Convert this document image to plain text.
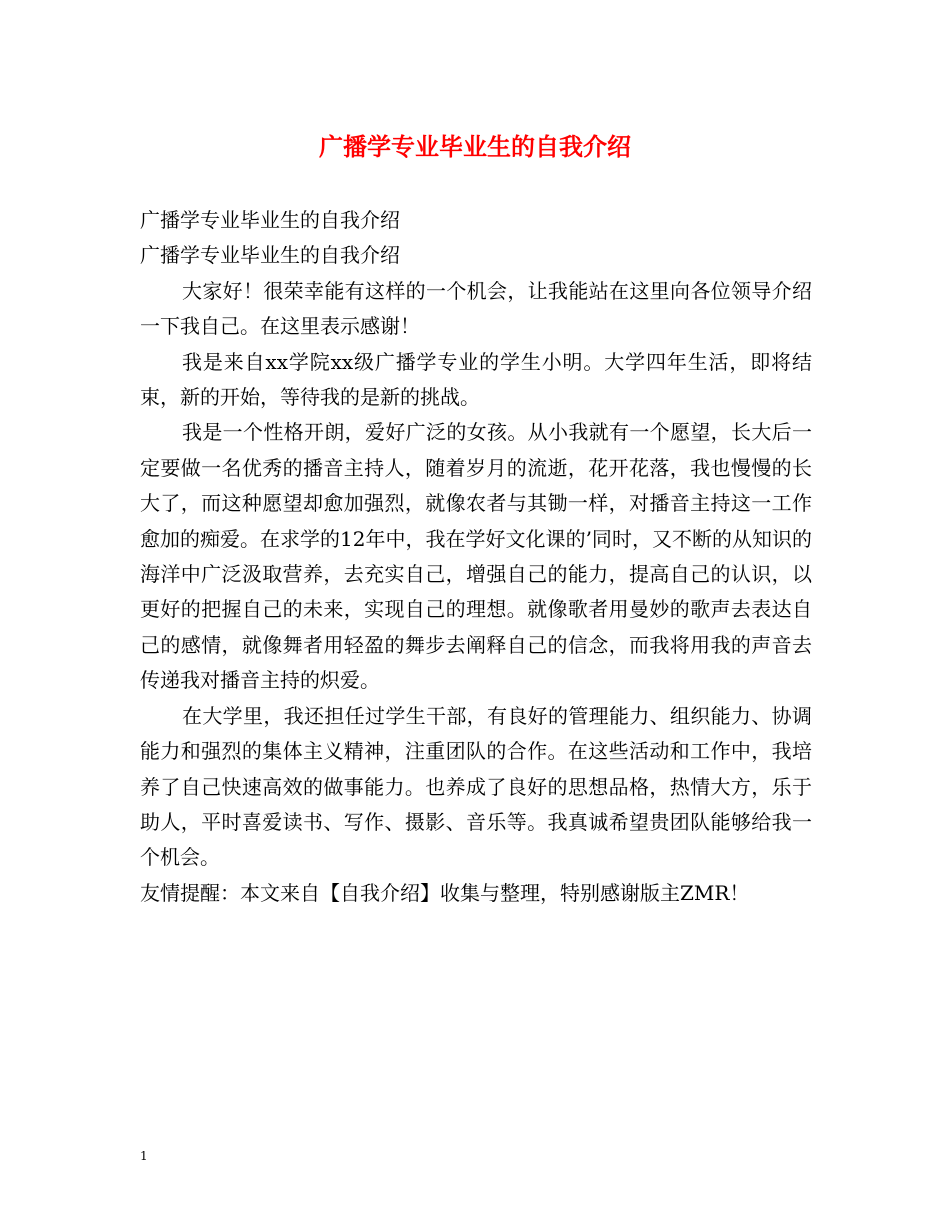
广播学专业毕业生的自我介绍

广播学专业毕业生的自我介绍

广播学专业毕业生的自我介绍

大家好！很荣幸能有这样的一个机会，让我能站在这里向各位领导介绍一下我自己。在这里表示感谢！

我是来自xx学院xx级广播学专业的学生小明。大学四年生活，即将结束，新的开始，等待我的是新的挑战。

我是一个性格开朗，爱好广泛的女孩。从小我就有一个愿望，长大后一定要做一名优秀的播音主持人，随着岁月的流逝，花开花落，我也慢慢的长大了，而这种愿望却愈加强烈，就像农者与其锄一样，对播音主持这一工作愈加的痴爱。在求学的12年中，我在学好文化课的’同时，又不断的从知识的海洋中广泛汲取营养，去充实自己，增强自己的能力，提高自己的认识，以更好的把握自己的未来，实现自己的理想。就像歌者用曼妙的歌声去表达自己的感情，就像舞者用轻盈的舞步去阐释自己的信念，而我将用我的声音去传递我对播音主持的炽爱。

在大学里，我还担任过学生干部，有良好的管理能力、组织能力、协调能力和强烈的集体主义精神，注重团队的合作。在这些活动和工作中，我培养了自己快速高效的做事能力。也养成了良好的思想品格，热情大方，乐于助人，平时喜爱读书、写作、摄影、音乐等。我真诚希望贵团队能够给我一个机会。

友情提醒：本文来自【自我介绍】收集与整理，特别感谢版主ZMR！

1
